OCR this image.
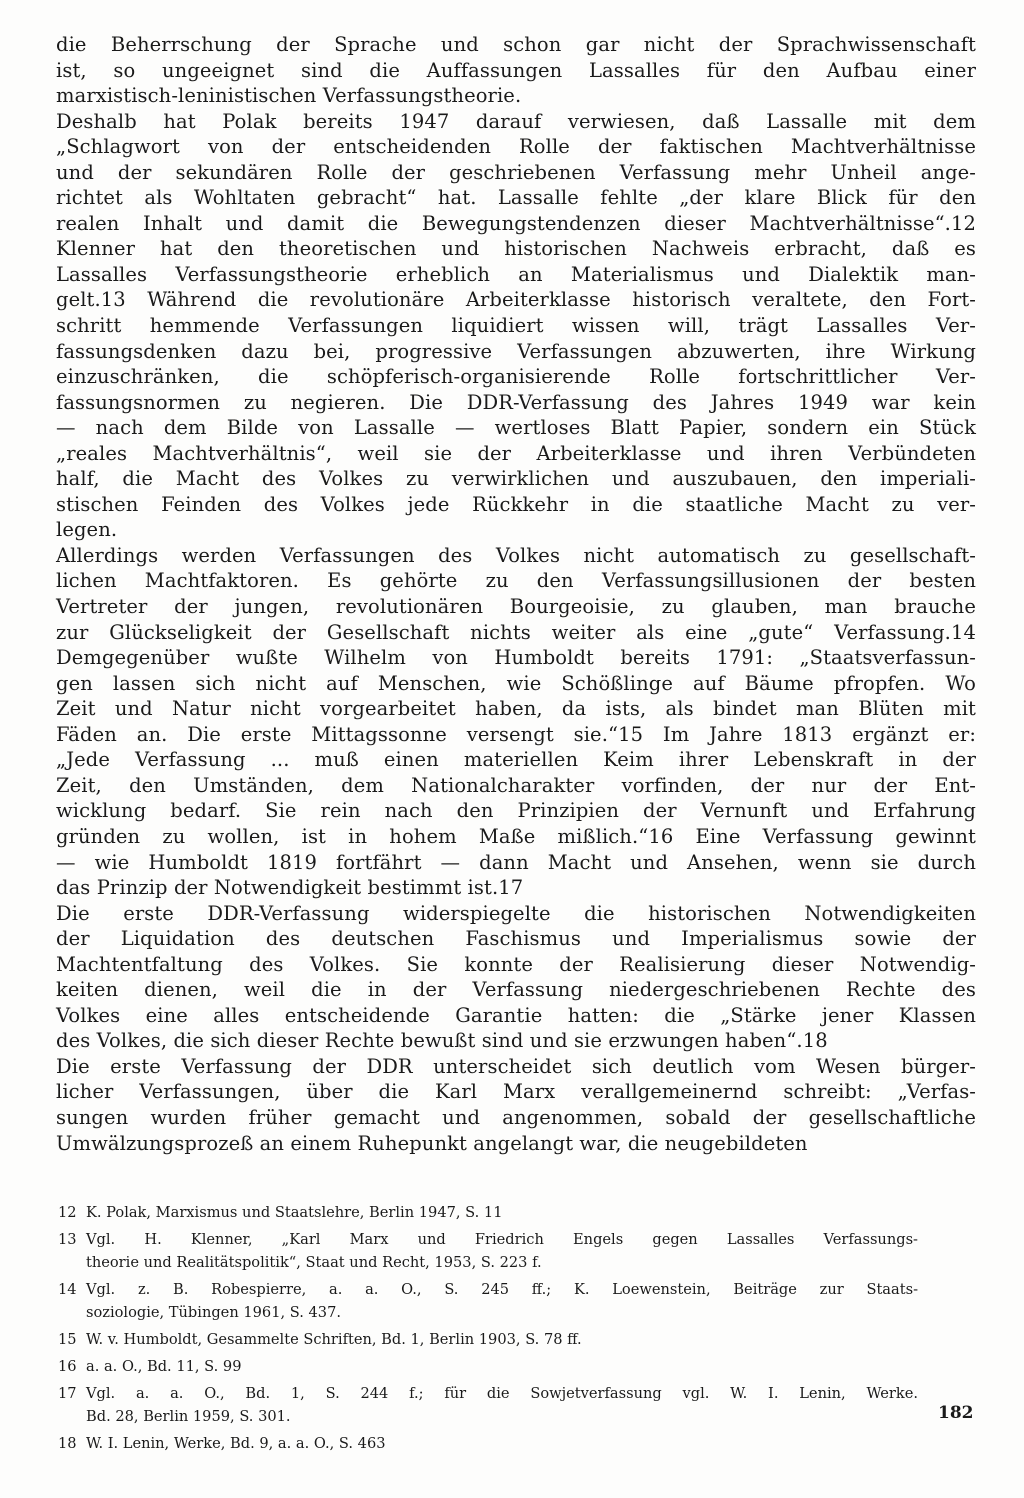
die Beherrschung der Sprache und schon gar nicht der Sprachwissenschaft
ist, so ungeeignet sind die Auffassungen Lassalles für den Aufbau einer
marxistisch-leninistischen Verfassungstheorie.
Deshalb hat Polak bereits 1947 darauf verwiesen, daß Lassalle mit dem
„Schlagwort von der entscheidenden Rolle der faktischen Machtverhältnisse
und der sekundären Rolle der geschriebenen Verfassung mehr Unheil ange-
richtet als Wohltaten gebracht“ hat. Lassalle fehlte „der klare Blick für den
realen Inhalt und damit die Bewegungstendenzen dieser Machtverhältnisse“.12
Klenner hat den theoretischen und historischen Nachweis erbracht, daß es
Lassalles Verfassungstheorie erheblich an Materialismus und Dialektik man-
gelt.13 Während die revolutionäre Arbeiterklasse historisch veraltete, den Fort-
schritt hemmende Verfassungen liquidiert wissen will, trägt Lassalles Ver-
fassungsdenken dazu bei, progressive Verfassungen abzuwerten, ihre Wirkung
einzuschränken, die schöpferisch-organisierende Rolle fortschrittlicher Ver-
fassungsnormen zu negieren. Die DDR-Verfassung des Jahres 1949 war kein
— nach dem Bilde von Lassalle — wertloses Blatt Papier, sondern ein Stück
„reales Machtverhältnis“, weil sie der Arbeiterklasse und ihren Verbündeten
half, die Macht des Volkes zu verwirklichen und auszubauen, den imperiali-
stischen Feinden des Volkes jede Rückkehr in die staatliche Macht zu ver-
legen.
Allerdings werden Verfassungen des Volkes nicht automatisch zu gesellschaft-
lichen Machtfaktoren. Es gehörte zu den Verfassungsillusionen der besten
Vertreter der jungen, revolutionären Bourgeoisie, zu glauben, man brauche
zur Glückseligkeit der Gesellschaft nichts weiter als eine „gute“ Verfassung.14
Demgegenüber wußte Wilhelm von Humboldt bereits 1791: „Staatsverfassun-
gen lassen sich nicht auf Menschen, wie Schößlinge auf Bäume pfropfen. Wo
Zeit und Natur nicht vorgearbeitet haben, da ists, als bindet man Blüten mit
Fäden an. Die erste Mittagssonne versengt sie.“15 Im Jahre 1813 ergänzt er:
„Jede Verfassung ... muß einen materiellen Keim ihrer Lebenskraft in der
Zeit, den Umständen, dem Nationalcharakter vorfinden, der nur der Ent-
wicklung bedarf. Sie rein nach den Prinzipien der Vernunft und Erfahrung
gründen zu wollen, ist in hohem Maße mißlich.“16 Eine Verfassung gewinnt
— wie Humboldt 1819 fortfährt — dann Macht und Ansehen, wenn sie durch
das Prinzip der Notwendigkeit bestimmt ist.17
Die erste DDR-Verfassung widerspiegelte die historischen Notwendigkeiten
der Liquidation des deutschen Faschismus und Imperialismus sowie der
Machtentfaltung des Volkes. Sie konnte der Realisierung dieser Notwendig-
keiten dienen, weil die in der Verfassung niedergeschriebenen Rechte des
Volkes eine alles entscheidende Garantie hatten: die „Stärke jener Klassen
des Volkes, die sich dieser Rechte bewußt sind und sie erzwungen haben“.18
Die erste Verfassung der DDR unterscheidet sich deutlich vom Wesen bürger-
licher Verfassungen, über die Karl Marx verallgemeinernd schreibt: „Verfas-
sungen wurden früher gemacht und angenommen, sobald der gesellschaftliche
Umwälzungsprozeß an einem Ruhepunkt angelangt war, die neugebildeten
12 K. Polak, Marxismus und Staatslehre, Berlin 1947, S. 11
13 Vgl. H. Klenner, „Karl Marx und Friedrich Engels gegen Lassalles Verfassungs-
theorie und Realitätspolitik“, Staat und Recht, 1953, S. 223 f.
14 Vgl. z. B. Robespierre, a. a. O., S. 245 ff.; K. Loewenstein, Beiträge zur Staats-
soziologie, Tübingen 1961, S. 437.
15 W. v. Humboldt, Gesammelte Schriften, Bd. 1, Berlin 1903, S. 78 ff.
16 a. a. O., Bd. 11, S. 99
17 Vgl. a. a. O., Bd. 1, S. 244 f.; für die Sowjetverfassung vgl. W. I. Lenin, Werke.
Bd. 28, Berlin 1959, S. 301.
18 W. I. Lenin, Werke, Bd. 9, a. a. O., S. 463
182
